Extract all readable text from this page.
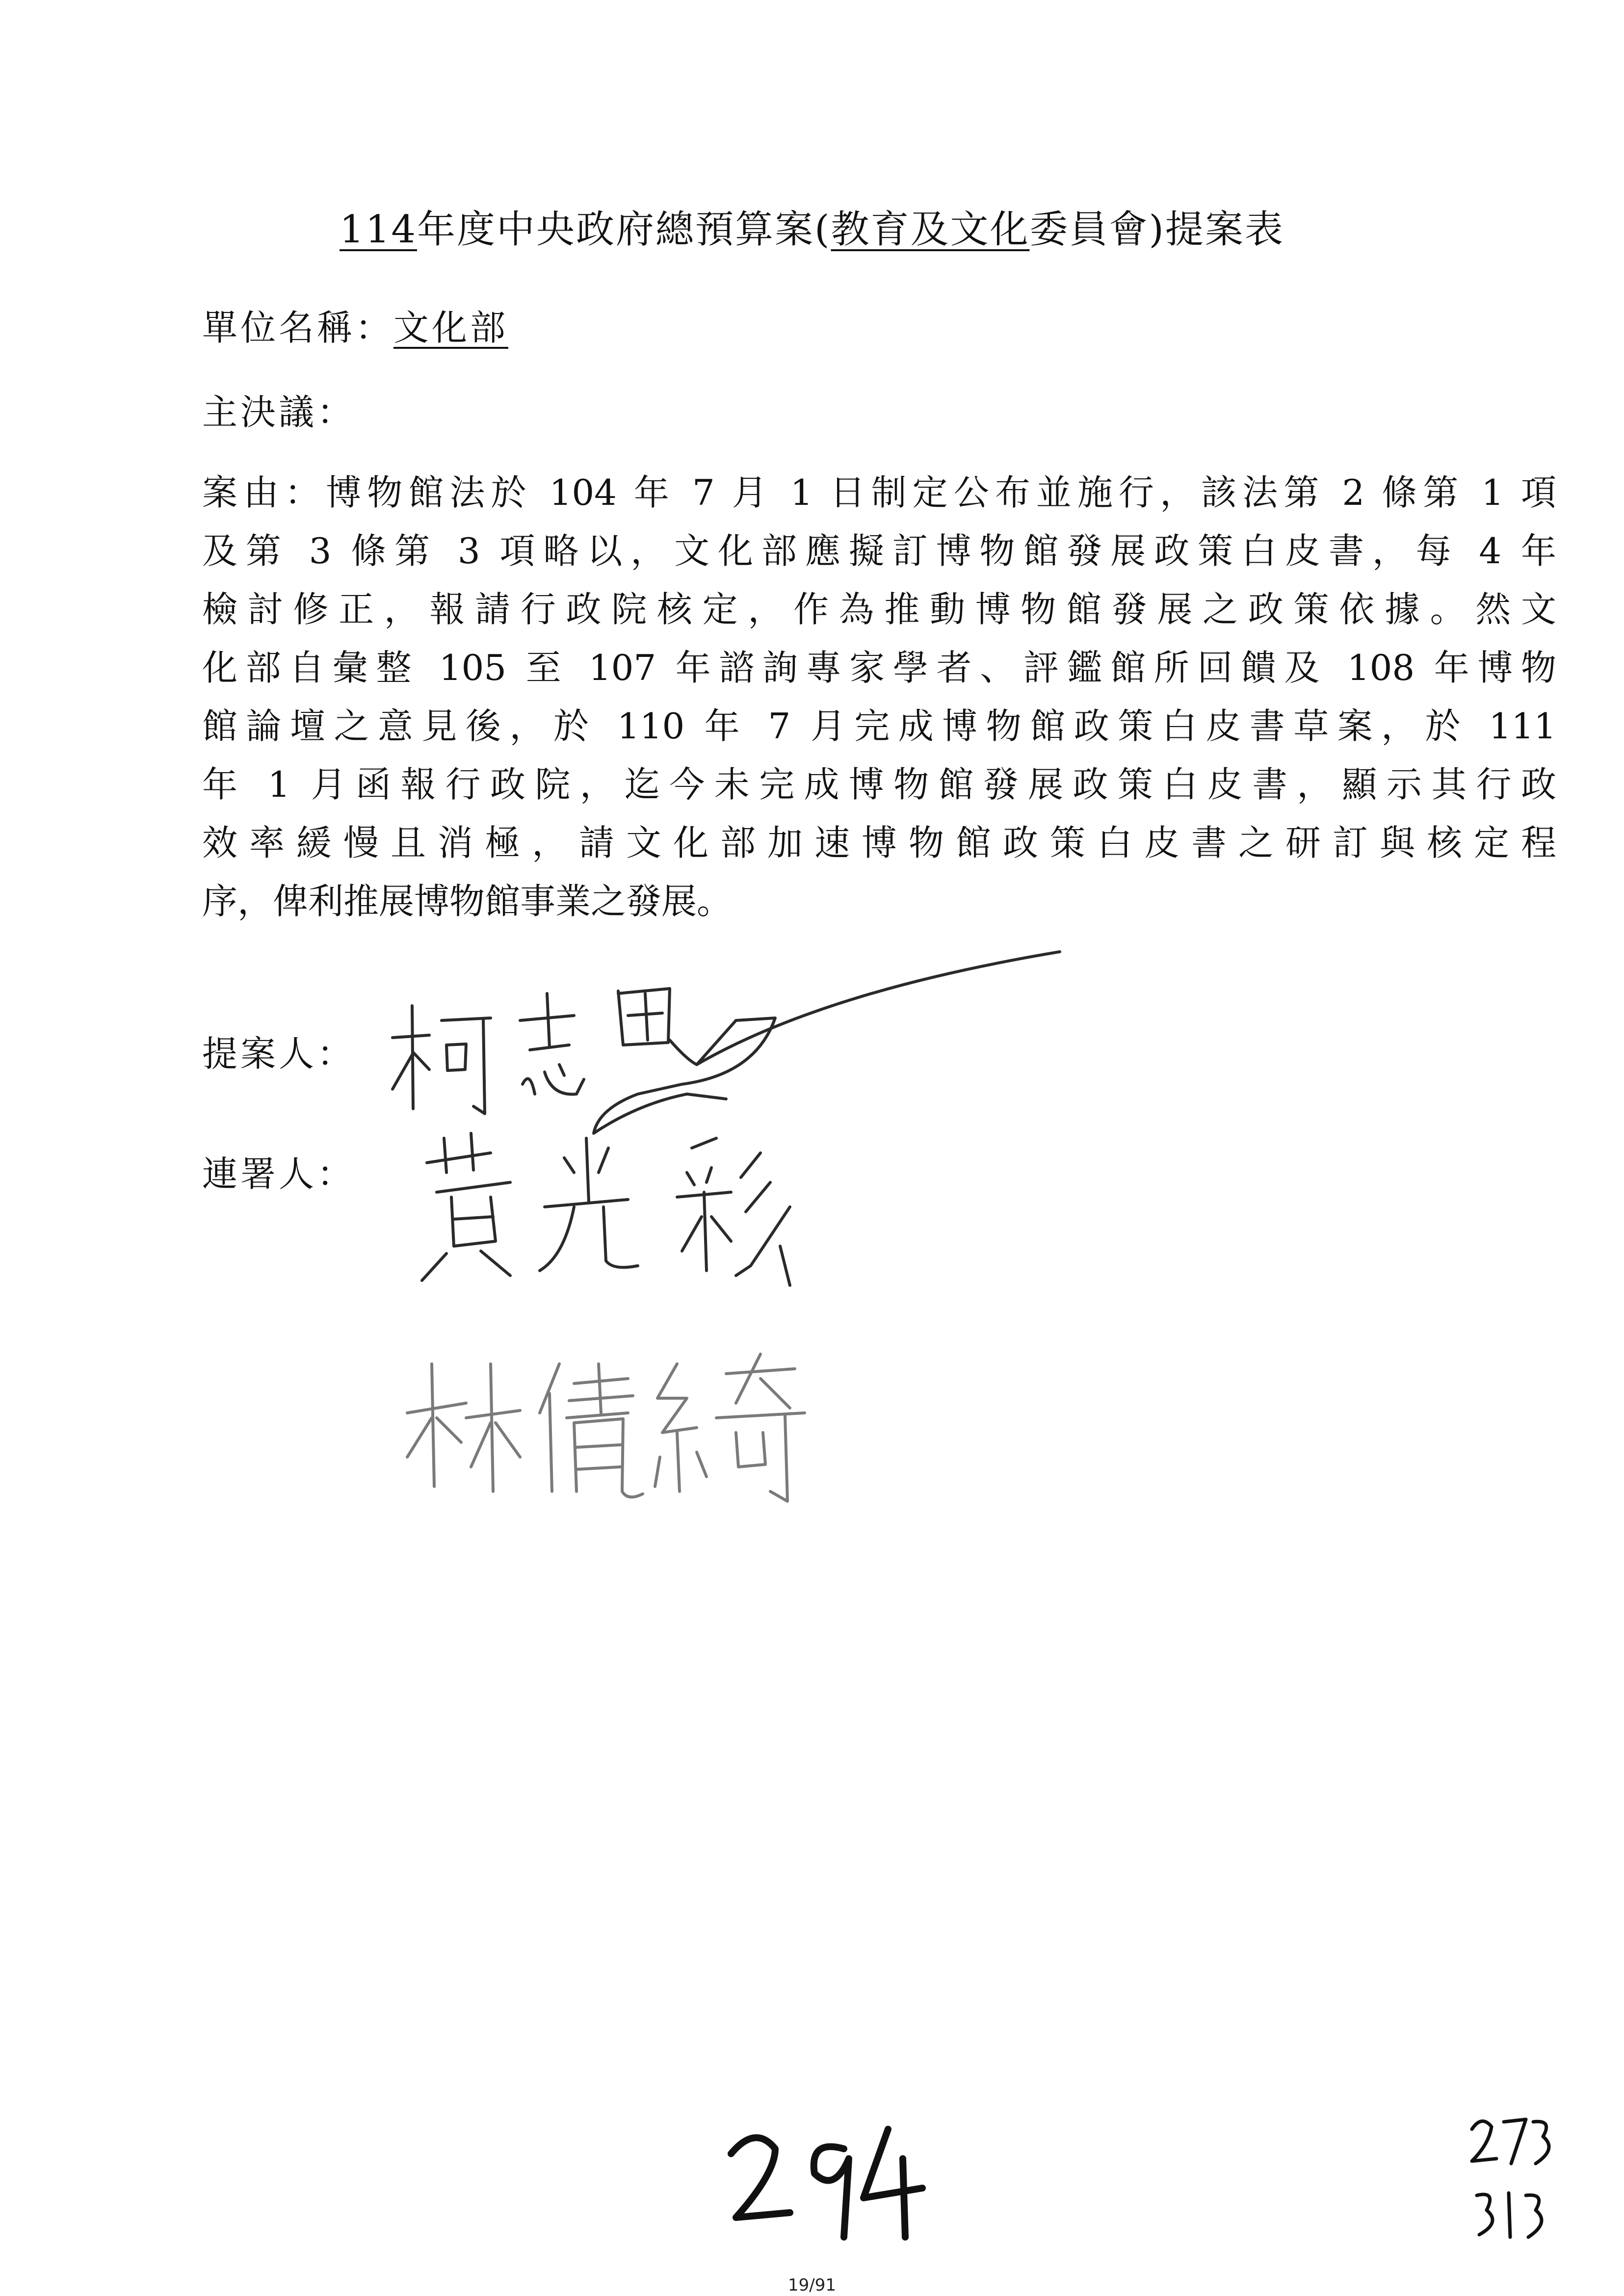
114年度中央政府總預算案(教育及文化委員會)提案表
單位名稱：文化部
主決議：
案由：博物館法於 104 年 7 月 1 日制定公布並施行，該法第 2 條第 1 項
及第 3 條第 3 項略以，文化部應擬訂博物館發展政策白皮書，每 4 年
檢討修正，報請行政院核定，作為推動博物館發展之政策依據。然文
化部自彙整 105 至 107 年諮詢專家學者、評鑑館所回饋及 108 年博物
館論壇之意見後，於 110 年 7 月完成博物館政策白皮書草案，於 111
年 1 月函報行政院，迄今未完成博物館發展政策白皮書，顯示其行政
效率緩慢且消極，請文化部加速博物館政策白皮書之研訂與核定程
序，俾利推展博物館事業之發展。
提案人：
連署人：
19/91
